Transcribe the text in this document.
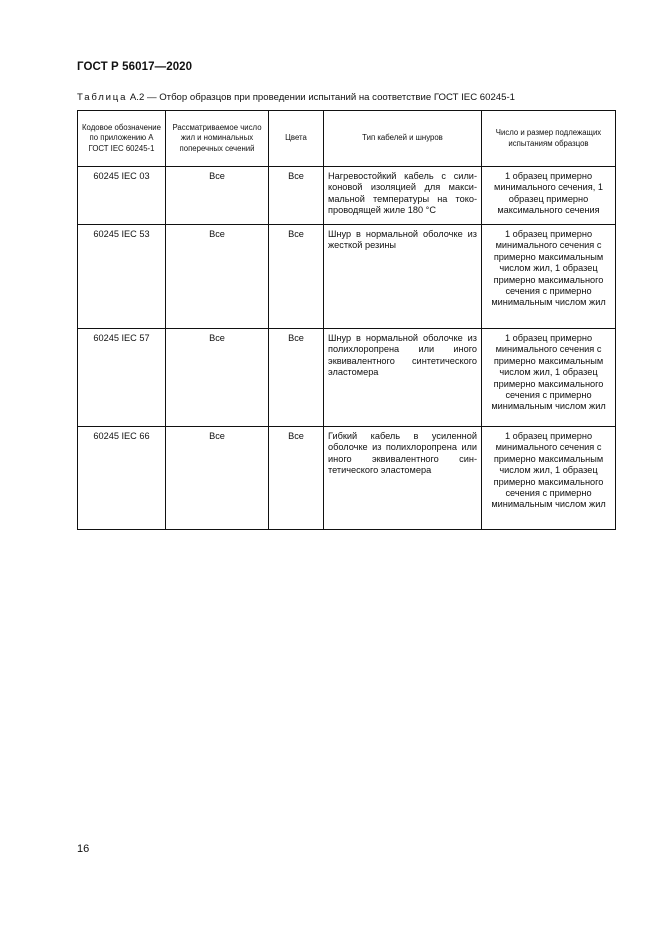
ГОСТ Р 56017—2020
Таблица А.2 — Отбор образцов при проведении испытаний на соответствие ГОСТ IEC 60245-1
Кодовое обозначение по приложению А ГОСТ IEC 60245-1	Рассматриваемое число жил и номинальных поперечных сечений	Цвета	Тип кабелей и шнуров	Число и размер подлежащих испытаниям образцов
60245 IEC 03	Все	Все	Нагревостойкий кабель с силиконовой изоляцией для максимальной температуры на токопроводящей жиле 180 °C	1 образец примерно минимального сечения, 1 образец примерно максимального сечения
60245 IEC 53	Все	Все	Шнур в нормальной оболочке из жесткой резины	1 образец примерно минимального сечения с примерно максимальным числом жил, 1 образец примерно максимального сечения с примерно минимальным числом жил
60245 IEC 57	Все	Все	Шнур в нормальной оболочке из полихлоропрена или иного эквивалентного синтетического эластомера	1 образец примерно минимального сечения с примерно максимальным числом жил, 1 образец примерно максимального сечения с примерно минимальным числом жил
60245 IEC 66	Все	Все	Гибкий кабель в усиленной оболочке из полихлоропрена или иного эквивалентного синтетического эластомера	1 образец примерно минимального сечения с примерно максимальным числом жил, 1 образец примерно максимального сечения с примерно минимальным числом жил
16
